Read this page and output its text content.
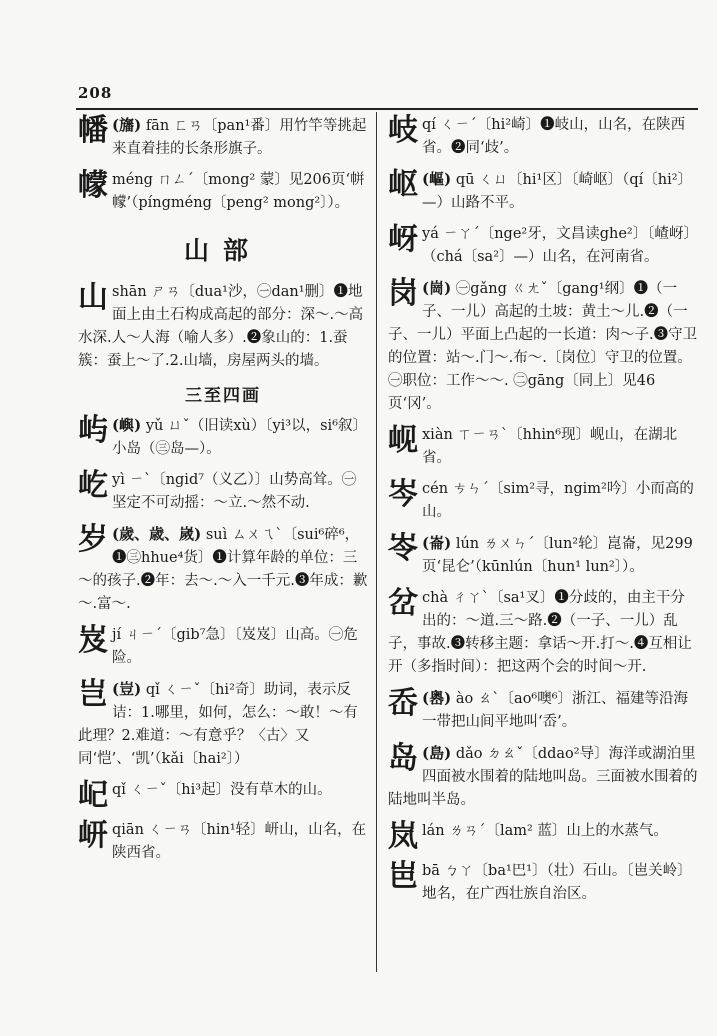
208
幡 (旛) fān ㄈㄢ〔pan¹番〕用竹竿等挑起来直着挂的长条形旗子。
幪 méng ㄇㄥˊ〔mong² 蒙〕见206页‘帡幪’（píngméng〔peng² mong²〕）。
山部
山 shān ㄕㄢ〔dua¹沙，㊀dan¹删〕❶地面上由土石构成高起的部分：深～.～高水深.人～人海（喻人多）.❷象山的：1.蚕簇：蚕上～了.2.山墙，房屋两头的墙。
三至四画
屿 (嶼) yǔ ㄩˇ（旧读xù）〔yi³以，si⁶叙〕小岛（㊂岛—）。
屹 yì ㄧˋ〔ngid⁷（义乙）〕山势高耸。㊀坚定不可动摇：～立.～然不动.
岁 (歲、歳、嵗) suì ㄙㄨㄟˋ〔sui⁶碎⁶，❶㊂hhue⁴货〕❶计算年龄的单位：三～的孩子.❷年：去～.～入一千元.❸年成：歉～.富～.
岌 jí ㄐㄧˊ〔gib⁷急〕〔岌岌〕山高。㊀危险。
岂 (豈) qǐ ㄑㄧˇ〔hi²奇〕助词，表示反诘：1.哪里，如何，怎么：～敢！～有此理？2.难道：～有意乎？〈古〉又同‘恺’、‘凯’（kǎi〔hai²〕）
屺 qǐ ㄑㄧˇ〔hi³起〕没有草木的山。
岍 qiān ㄑㄧㄢ〔hin¹轻〕岍山，山名，在陕西省。
岐 qí ㄑㄧˊ〔hi²崎〕❶岐山，山名，在陕西省。❷同‘歧’。
岖 (嶇) qū ㄑㄩ〔hi¹区〕〔崎岖〕（qí〔hi²〕—）山路不平。
岈 yá ㄧㄚˊ〔nge²牙，文昌读ghe²〕〔嵖岈〕（chá〔sa²〕—）山名，在河南省。
岗 (崗) ㊀gǎng ㄍㄤˇ〔gang¹纲〕❶（一子、一儿）高起的土坡：黄土～儿.❷（一子、一儿）平面上凸起的一长道：肉～子.❸守卫的位置：站～.门～.布～.〔岗位〕守卫的位置。㊀职位：工作～～. ㊁gāng〔同上〕见46页‘冈’。
岘 xiàn ㄒㄧㄢˋ〔hhin⁶现〕岘山，在湖北省。
岑 cén ㄘㄣˊ〔sim²寻，ngim²吟〕小而高的山。
岺 (崙) lún ㄌㄨㄣˊ〔lun²轮〕崑崙，见299页‘昆仑’（kūnlún〔hun¹ lun²〕）。
岔 chà ㄔㄚˋ〔sa¹叉〕❶分歧的，由主干分出的：～道.三～路.❷（一子、一儿）乱子，事故.❸转移主题：拿话～开.打～.❹互相让开（多指时间）：把这两个会的时间～开.
岙 (嶴) ào ㄠˋ〔ao⁶噢⁶〕浙江、福建等沿海一带把山间平地叫‘岙’。
岛 (島) dǎo ㄉㄠˇ〔ddao²导〕海洋或湖泊里四面被水围着的陆地叫岛。三面被水围着的陆地叫半岛。
岚 lán ㄌㄢˊ〔lam² 蓝〕山上的水蒸气。
岜 bā ㄅㄚ〔ba¹巴¹〕（壮）石山。〔岜关岭〕地名，在广西壮族自治区。
